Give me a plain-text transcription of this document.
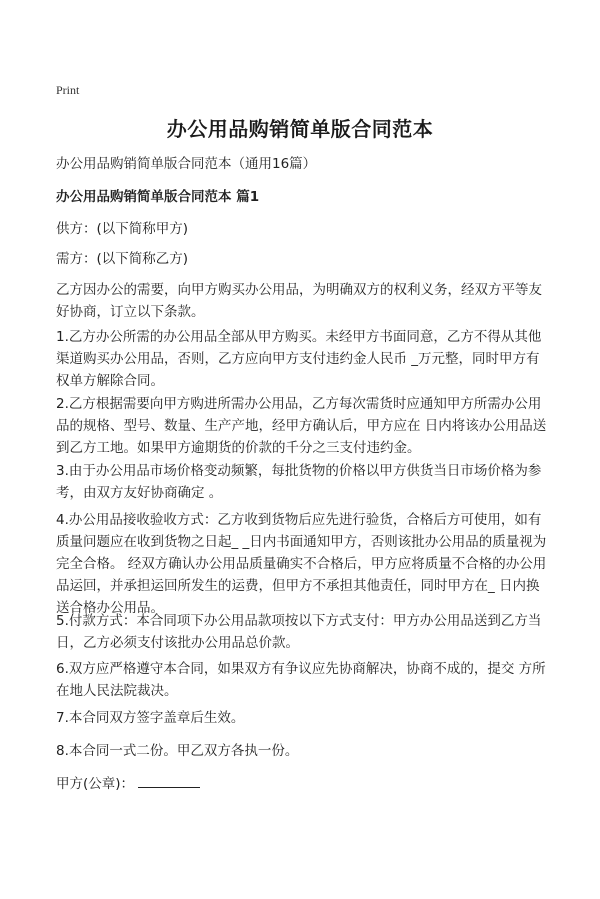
Print
办公用品购销简单版合同范本

办公用品购销简单版合同范本（通用16篇）

办公用品购销简单版合同范本 篇1

供方：(以下简称甲方)

需方：(以下简称乙方)

乙方因办公的需要，向甲方购买办公用品，为明确双方的权利义务，经双方平等友好协商，订立以下条款。

1.乙方办公所需的办公用品全部从甲方购买。未经甲方书面同意，乙方不得从其他渠道购买办公用品，否则，乙方应向甲方支付违约金人民币 _万元整，同时甲方有权单方解除合同。

2.乙方根据需要向甲方购进所需办公用品，乙方每次需货时应通知甲方所需办公用品的规格、型号、数量、生产产地，经甲方确认后，甲方应在 日内将该办公用品送到乙方工地。如果甲方逾期货的价款的千分之三支付违约金。

3.由于办公用品市场价格变动频繁，每批货物的价格以甲方供货当日市场价格为参考，由双方友好协商确定 。

4.办公用品接收验收方式：乙方收到货物后应先进行验货，合格后方可使用，如有质量问题应在收到货物之日起_ _日内书面通知甲方，否则该批办公用品的质量视为完全合格。 经双方确认办公用品质量确实不合格后，甲方应将质量不合格的办公用品运回，并承担运回所发生的运费，但甲方不承担其他责任，同时甲方在_ 日内换送合格办公用品。

5.付款方式：本合同项下办公用品款项按以下方式支付：甲方办公用品送到乙方当日，乙方必须支付该批办公用品总价款。

6.双方应严格遵守本合同，如果双方有争议应先协商解决，协商不成的，提交 方所在地人民法院裁决。

7.本合同双方签字盖章后生效。

8.本合同一式二份。甲乙双方各执一份。

甲方(公章)：
